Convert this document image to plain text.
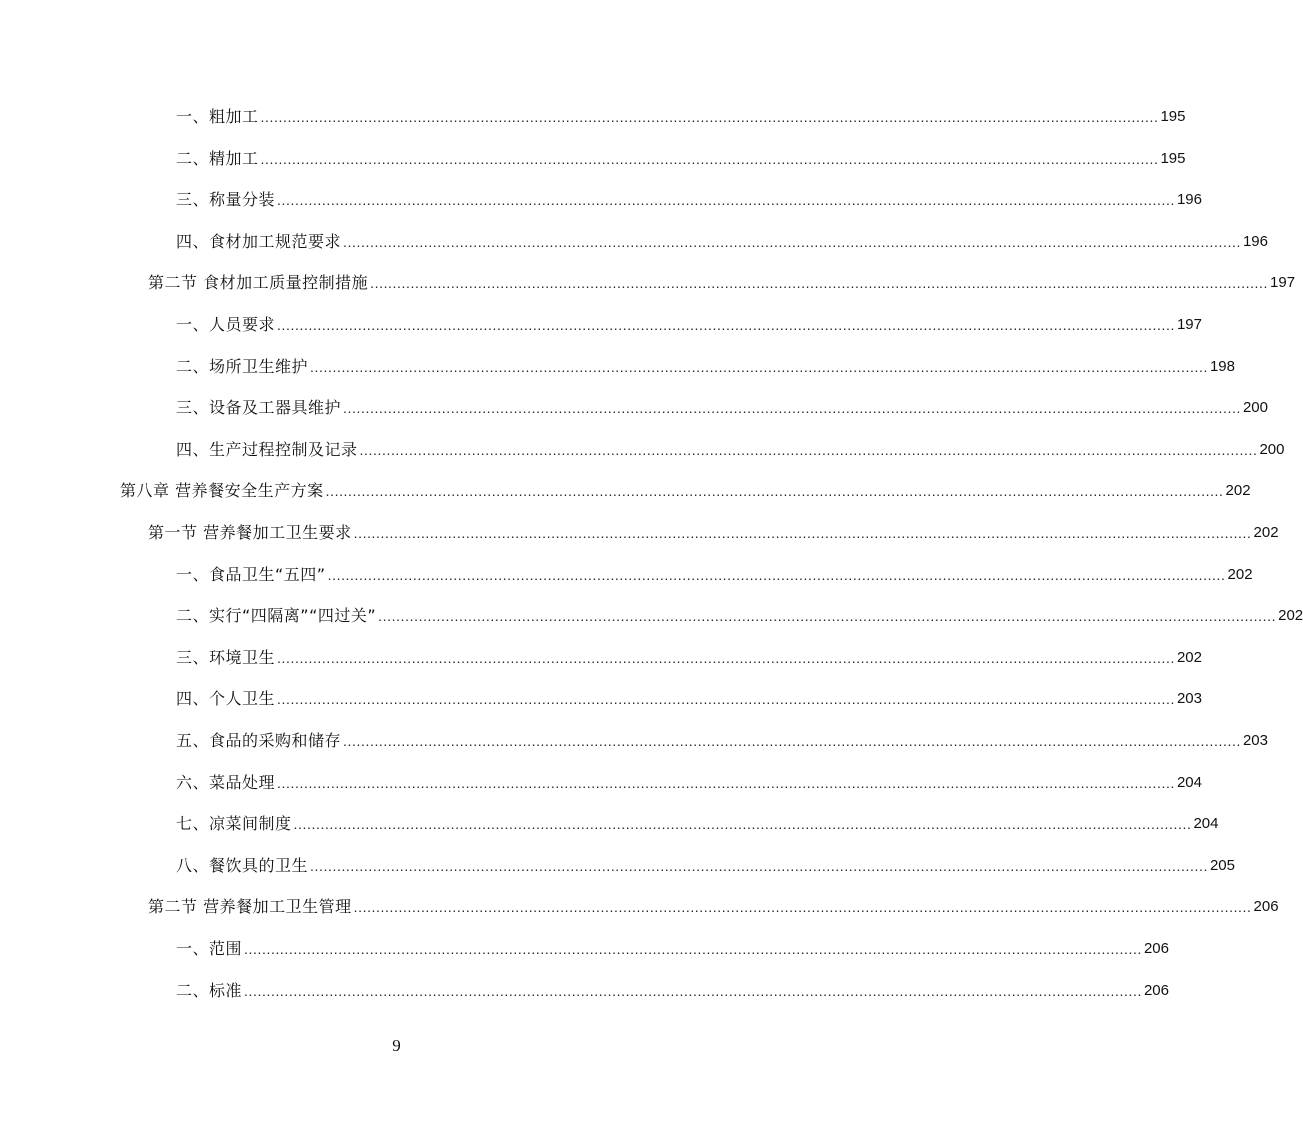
一、粗加工 ........................................................................................................................................................................................................ 195
二、精加工 ........................................................................................................................................................................................................ 195
三、称量分装 ........................................................................................................................................................................................................ 196
四、食材加工规范要求 ........................................................................................................................................................................................................ 196
第二节 食材加工质量控制措施 ........................................................................................................................................................................................................ 197
一、人员要求 ........................................................................................................................................................................................................ 197
二、场所卫生维护 ........................................................................................................................................................................................................ 198
三、设备及工器具维护 ........................................................................................................................................................................................................ 200
四、生产过程控制及记录 ........................................................................................................................................................................................................ 200
第八章 营养餐安全生产方案 ........................................................................................................................................................................................................ 202
第一节 营养餐加工卫生要求 ........................................................................................................................................................................................................ 202
一、食品卫生“五四” ........................................................................................................................................................................................................ 202
二、实行“四隔离”“四过关” ........................................................................................................................................................................................................ 202
三、环境卫生 ........................................................................................................................................................................................................ 202
四、个人卫生 ........................................................................................................................................................................................................ 203
五、食品的采购和储存 ........................................................................................................................................................................................................ 203
六、菜品处理 ........................................................................................................................................................................................................ 204
七、凉菜间制度 ........................................................................................................................................................................................................ 204
八、餐饮具的卫生 ........................................................................................................................................................................................................ 205
第二节 营养餐加工卫生管理 ........................................................................................................................................................................................................ 206
一、范围 ........................................................................................................................................................................................................ 206
二、标准 ........................................................................................................................................................................................................ 206
9
